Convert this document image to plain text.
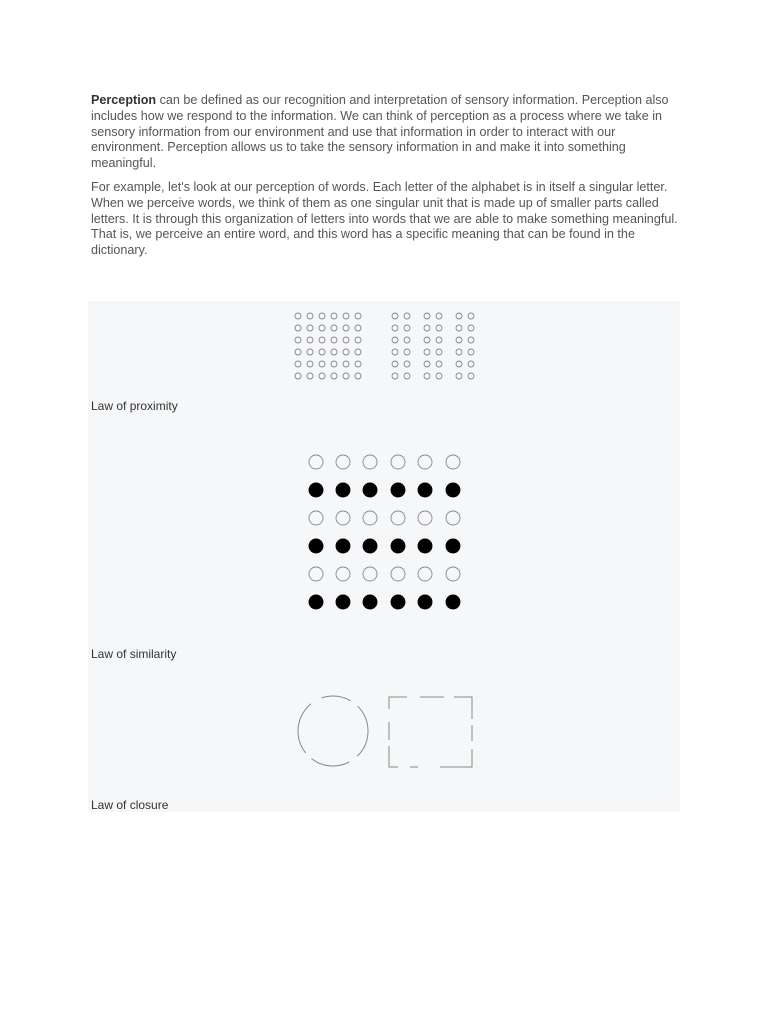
Perception can be defined as our recognition and interpretation of sensory information. Perception also includes how we respond to the information. We can think of perception as a process where we take in sensory information from our environment and use that information in order to interact with our environment. Perception allows us to take the sensory information in and make it into something meaningful.

For example, let's look at our perception of words. Each letter of the alphabet is in itself a singular letter. When we perceive words, we think of them as one singular unit that is made up of smaller parts called letters. It is through this organization of letters into words that we are able to make something meaningful. That is, we perceive an entire word, and this word has a specific meaning that can be found in the dictionary.

Law of proximity
Law of similarity
Law of closure
